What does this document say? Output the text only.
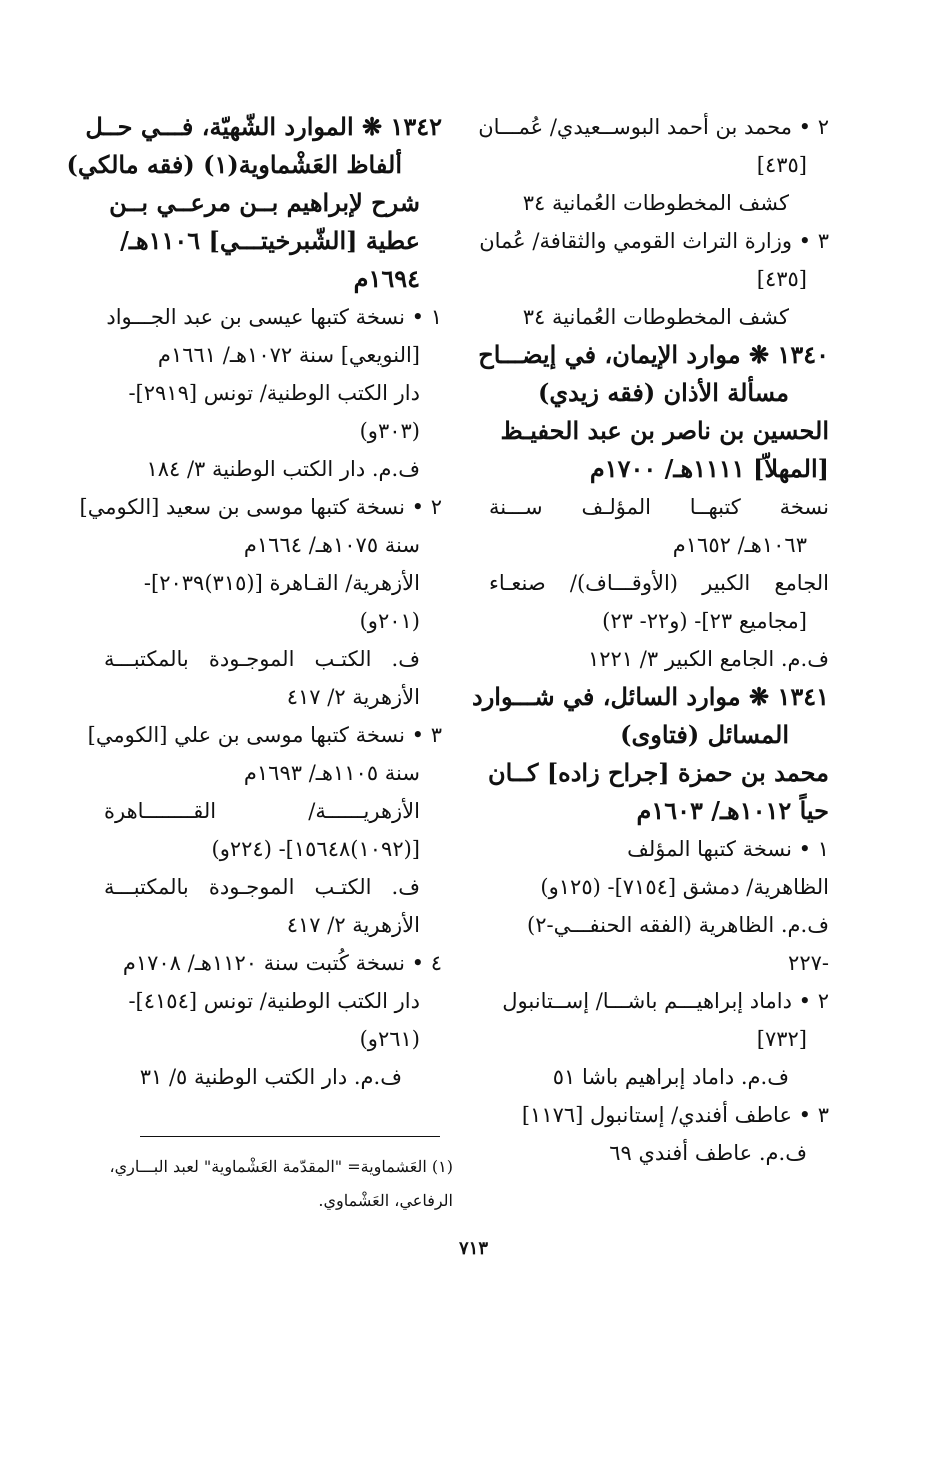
٢ • محمد بن أحمد البوســعيدي/ عُمـــان
[٤٣٥]
كشف المخطوطات العُمانية ٣٤
٣ • وزارة التراث القومي والثقافة/ عُمان
[٤٣٥]
كشف المخطوطات العُمانية ٣٤
١٣٤٠ ❋ موارد الإيمان، في إيضـــاح
مسألة الأذان (فقه زيدي)
الحسين بن ناصر بن عبد الحفيـظ
[المهلاّ] ١١١١هـ/ ١٧٠٠م
نسخة كتبهــا المؤلـف ســـنة
١٠٦٣هـ/ ١٦٥٢م
الجامع الكبير (الأوقـــاف)/ صنعـاء
[مجاميع ٢٣]- (و٢٢- ٢٣)
ف.م. الجامع الكبير ٣/ ١٢٢١
١٣٤١ ❋ موارد السائل، في شـــوارد
المسائل (فتاوى)
محمد بن حمزة [جراح زاده] كــان
حياً ١٠١٢هـ/ ١٦٠٣م
١ • نسخة كتبها المؤلف
الظاهرية/ دمشق [٧١٥٤]- (١٢٥و)
ف.م. الظاهرية (الفقه الحنفـــي-٢)
-٢٢٧
٢ • داماد إبراهيـــم باشـــا/ إســتانبول
[٧٣٢]
ف.م. داماد إبراهيم باشا ٥١
٣ • عاطف أفندي/ إستانبول [١١٧٦]
ف.م. عاطف أفندي ٦٩
١٣٤٢ ❋ الموارد الشّهيّة، فـــي حــل
ألفاظ العَشْماوية(١) (فقه مالكي)
شرح لإبراهيم بــن مرعــي بــن
عطية [الشّبرخيتـــي] ١١٠٦هـ/
١٦٩٤م
١ • نسخة كتبها عيسى بن عبد الجـــواد
[النويعي] سنة ١٠٧٢هـ/ ١٦٦١م
دار الكتب الوطنية/ تونس [٢٩١٩]-
(٣٠٣و)
ف.م. دار الكتب الوطنية ٣/ ١٨٤
٢ • نسخة كتبها موسى بن سعيد [الكومي]
سنة ١٠٧٥هـ/ ١٦٦٤م
الأزهرية/ القـاهرة [(٣١٥)٢٠٣٩]-
(٢٠١و)
ف. الكتـب الموجـودة بالمكتبـــة
الأزهرية ٢/ ٤١٧
٣ • نسخة كتبها موسى بن علي [الكومي]
سنة ١١٠٥هـ/ ١٦٩٣م
الأزهريــــــة/ القــــــــاهرة
[(١٠٩٢)١٥٦٤٨]- (٢٢٤و)
ف. الكتـب الموجـودة بالمكتبـــة
الأزهرية ٢/ ٤١٧
٤ • نسخة كُتبت سنة ١١٢٠هـ/ ١٧٠٨م
دار الكتب الوطنية/ تونس [٤١٥٤]-
(٢٦١و)
ف.م. دار الكتب الوطنية ٥/ ٣١
(١) العَشماوية= "المقدّمة العَشْماوية" لعبد البـــاري،
الرفاعي، العَشْماوي.
٧١٣
